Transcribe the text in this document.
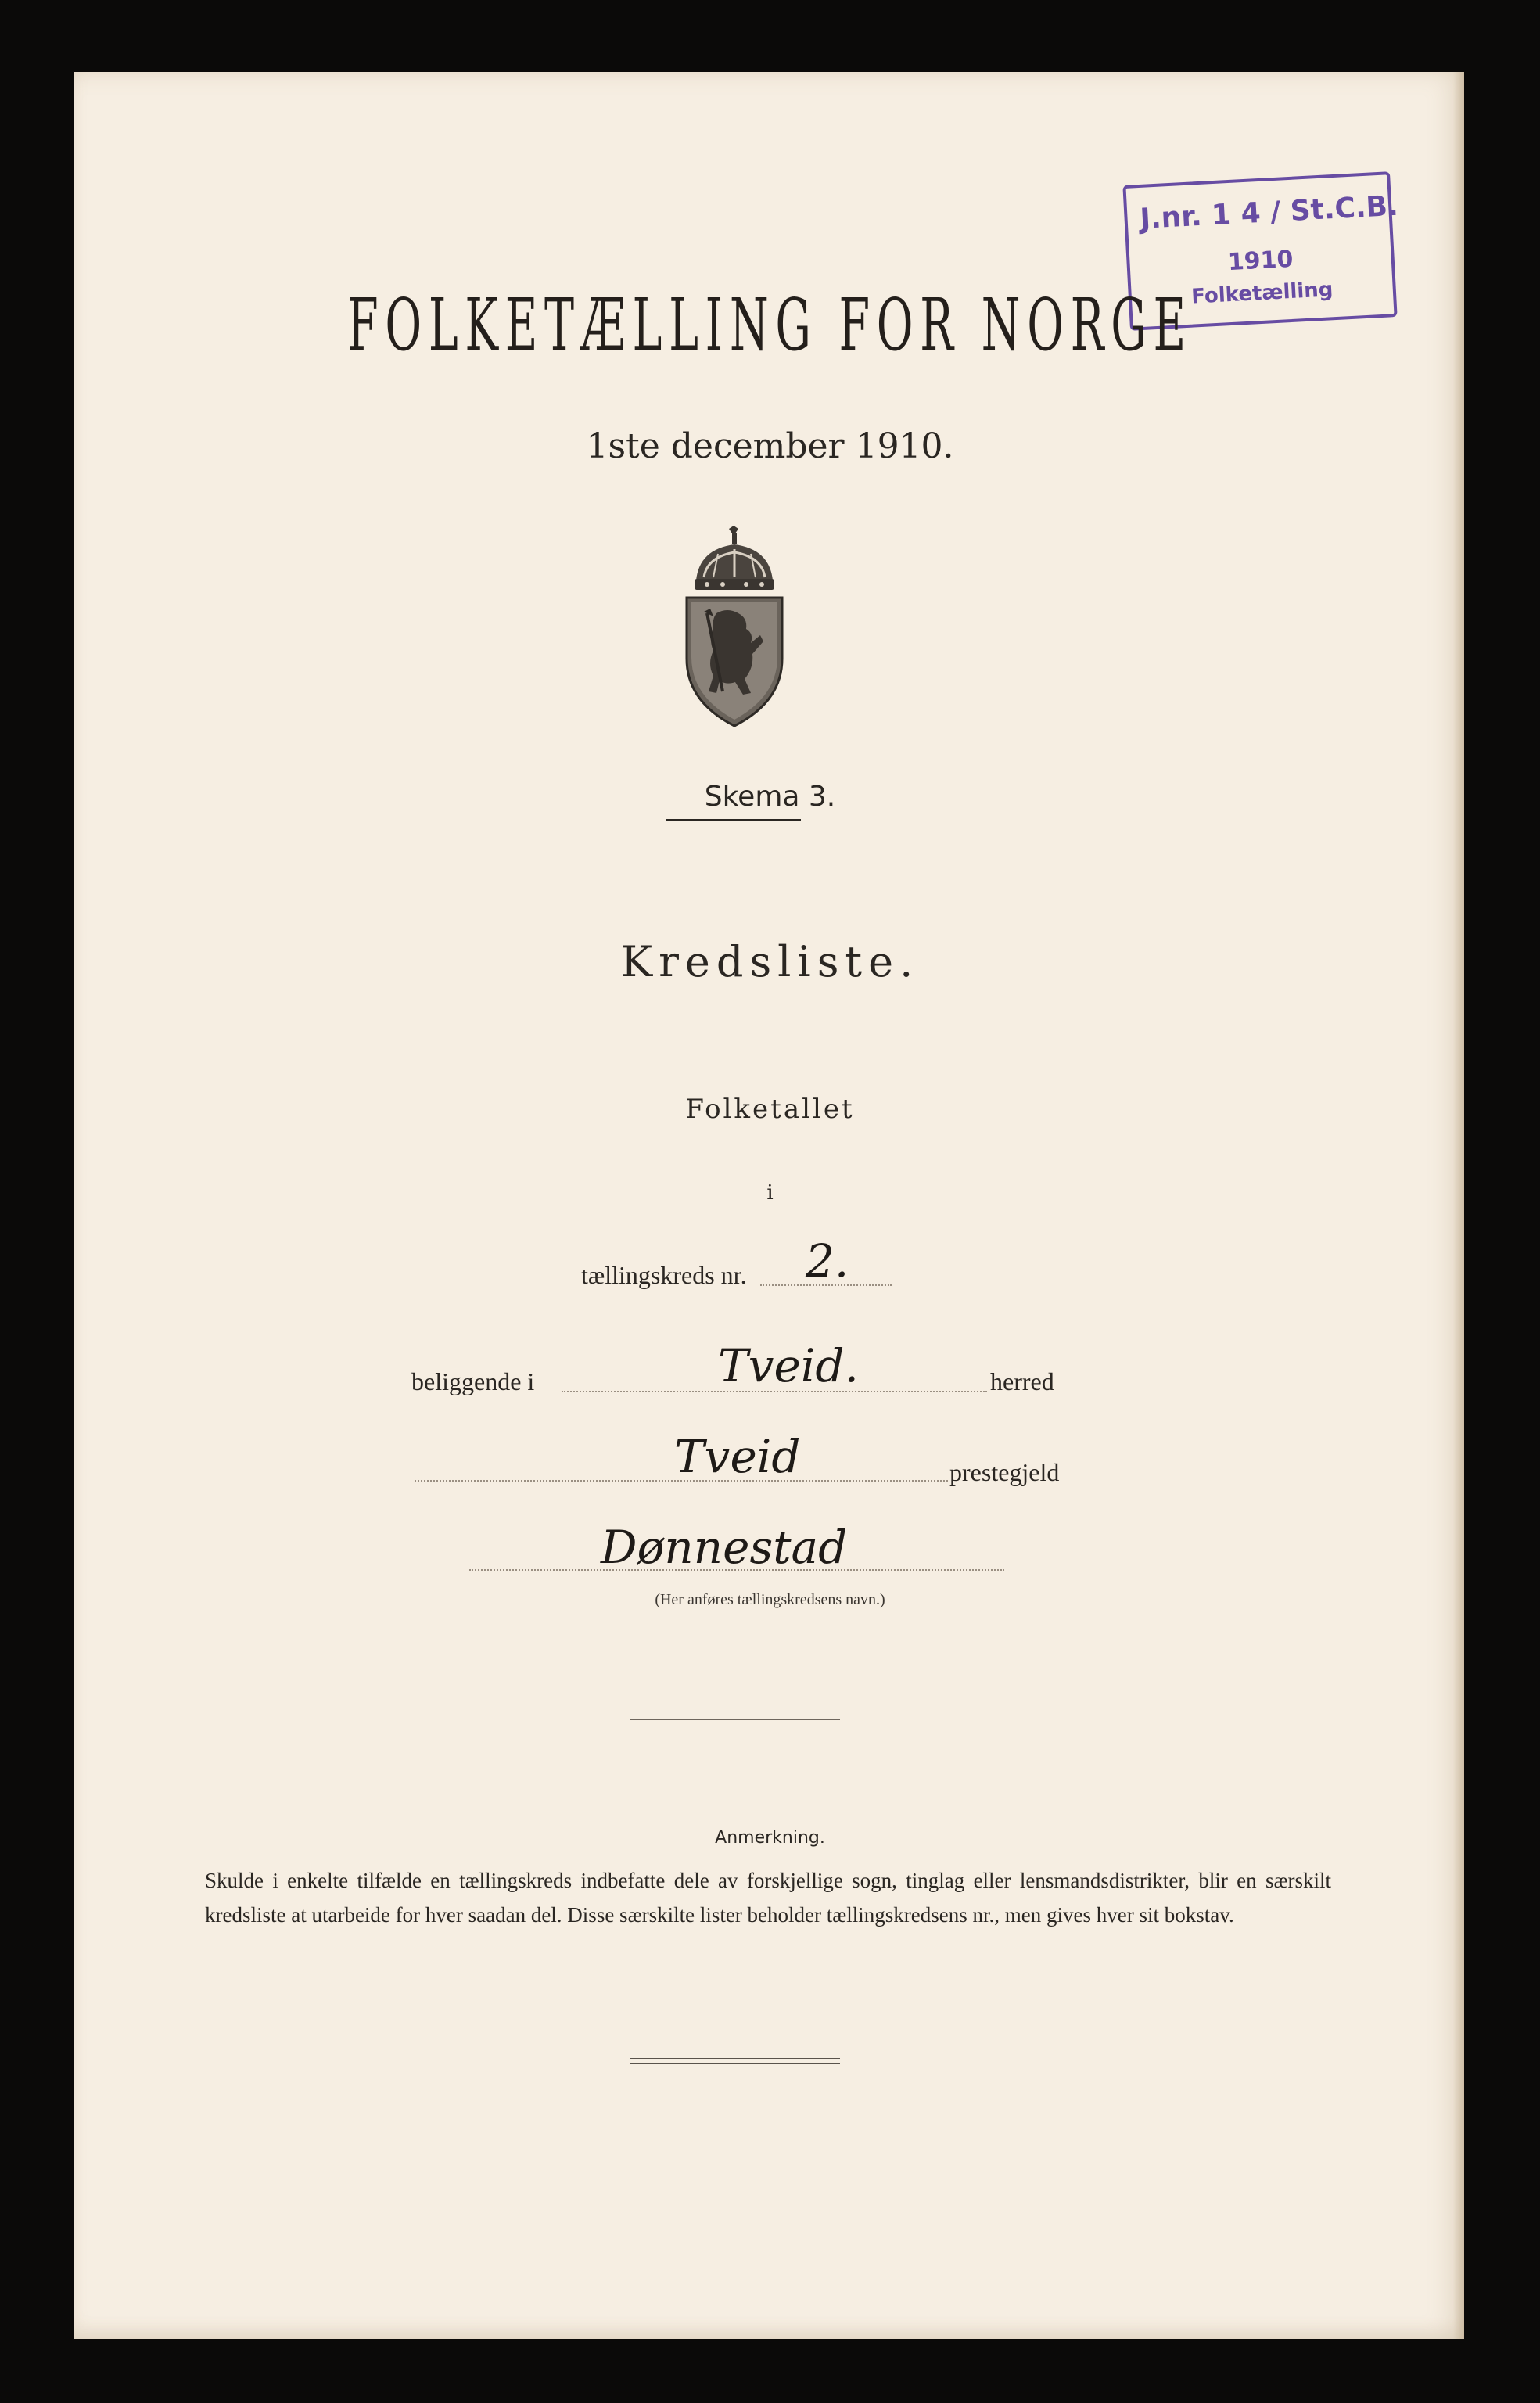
J.nr. 1 4 / St.C.B.
1910
Folketælling
FOLKETÆLLING FOR NORGE
1ste december 1910.
Skema 3.
Kredsliste.
Folketallet
i
tællingskreds nr. 2.
beliggende i	Tveid.	herred
Tveid	prestegjeld
Dønnestad
(Her anføres tællingskredsens navn.)
Anmerkning.
Skulde i enkelte tilfælde en tællingskreds indbefatte dele av forskjellige sogn, tinglag eller lensmandsdistrikter, blir en særskilt kredsliste at utarbeide for hver saadan del. Disse særskilte lister beholder tællingskredsens nr., men gives hver sit bokstav.
